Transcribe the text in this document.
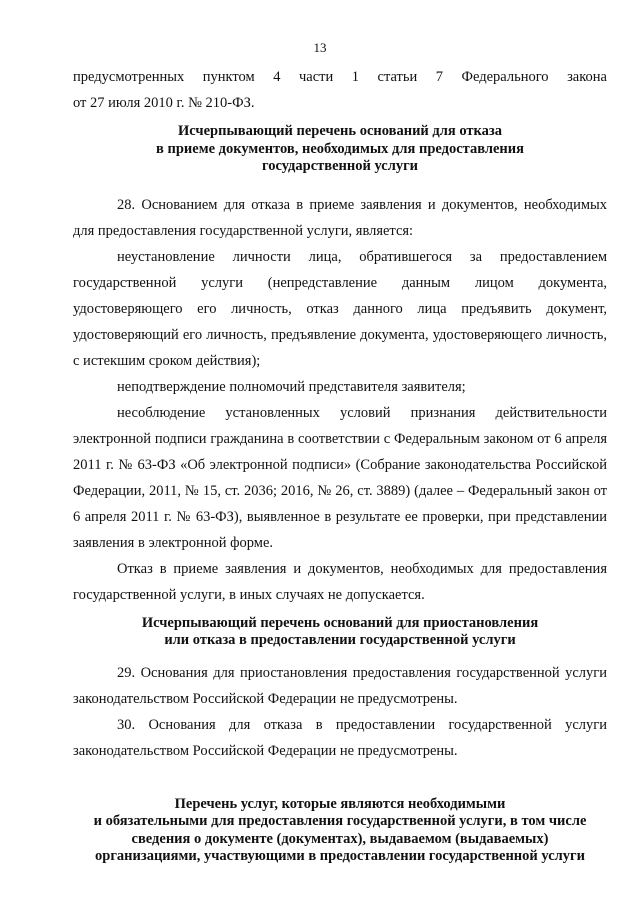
13

предусмотренных пунктом 4 части 1 статьи 7 Федерального закона

от 27 июля 2010 г. № 210-ФЗ.

Исчерпывающий перечень оснований для отказа
в приеме документов, необходимых для предоставления
государственной услуги

28. Основанием для отказа в приеме заявления и документов, необходимых для предоставления государственной услуги, является:

неустановление личности лица, обратившегося за предоставлением государственной услуги (непредставление данным лицом документа, удостоверяющего его личность, отказ данного лица предъявить документ, удостоверяющий его личность, предъявление документа, удостоверяющего личность, с истекшим сроком действия);

неподтверждение полномочий представителя заявителя;

несоблюдение установленных условий признания действительности электронной подписи гражданина в соответствии с Федеральным законом от 6 апреля 2011 г. № 63-ФЗ «Об электронной подписи» (Собрание законодательства Российской Федерации, 2011, № 15, ст. 2036; 2016, № 26, ст. 3889) (далее – Федеральный закон от 6 апреля 2011 г. № 63-ФЗ), выявленное в результате ее проверки, при представлении заявления в электронной форме.

Отказ в приеме заявления и документов, необходимых для предоставления государственной услуги, в иных случаях не допускается.

Исчерпывающий перечень оснований для приостановления
или отказа в предоставлении государственной услуги

29. Основания для приостановления предоставления государственной услуги законодательством Российской Федерации не предусмотрены.

30. Основания для отказа в предоставлении государственной услуги законодательством Российской Федерации не предусмотрены.

Перечень услуг, которые являются необходимыми
и обязательными для предоставления государственной услуги, в том числе
сведения о документе (документах), выдаваемом (выдаваемых)
организациями, участвующими в предоставлении государственной услуги
